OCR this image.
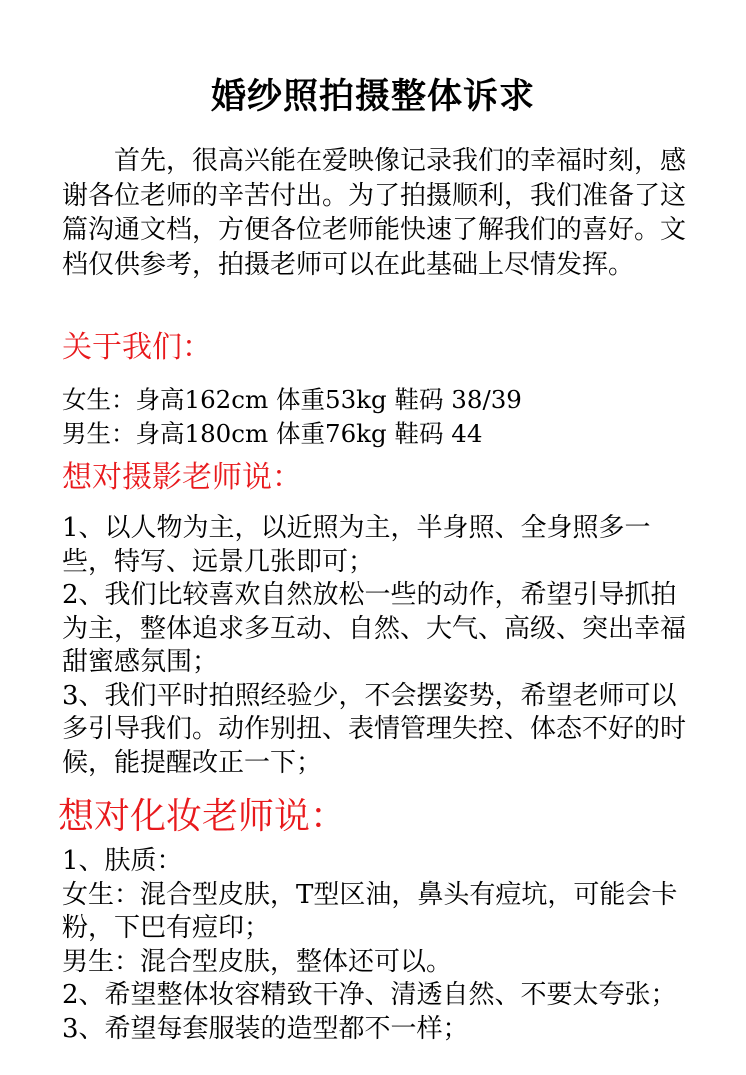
婚纱照拍摄整体诉求
首先，很高兴能在爱映像记录我们的幸福时刻，感谢各位老师的辛苦付出。为了拍摄顺利，我们准备了这篇沟通文档，方便各位老师能快速了解我们的喜好。文档仅供参考，拍摄老师可以在此基础上尽情发挥。
关于我们：

女生：身高162cm 体重53kg 鞋码 38/39

男生：身高180cm 体重76kg 鞋码 44

想对摄影老师说：

1、以人物为主，以近照为主，半身照、全身照多一些，特写、远景几张即可；

2、我们比较喜欢自然放松一些的动作，希望引导抓拍为主，整体追求多互动、自然、大气、高级、突出幸福甜蜜感氛围；

3、我们平时拍照经验少，不会摆姿势，希望老师可以多引导我们。动作别扭、表情管理失控、体态不好的时候，能提醒改正一下；

想对化妆老师说：

1、肤质：

女生：混合型皮肤，T型区油，鼻头有痘坑，可能会卡粉，下巴有痘印；

男生：混合型皮肤，整体还可以。

2、希望整体妆容精致干净、清透自然、不要太夸张；

3、希望每套服装的造型都不一样；
